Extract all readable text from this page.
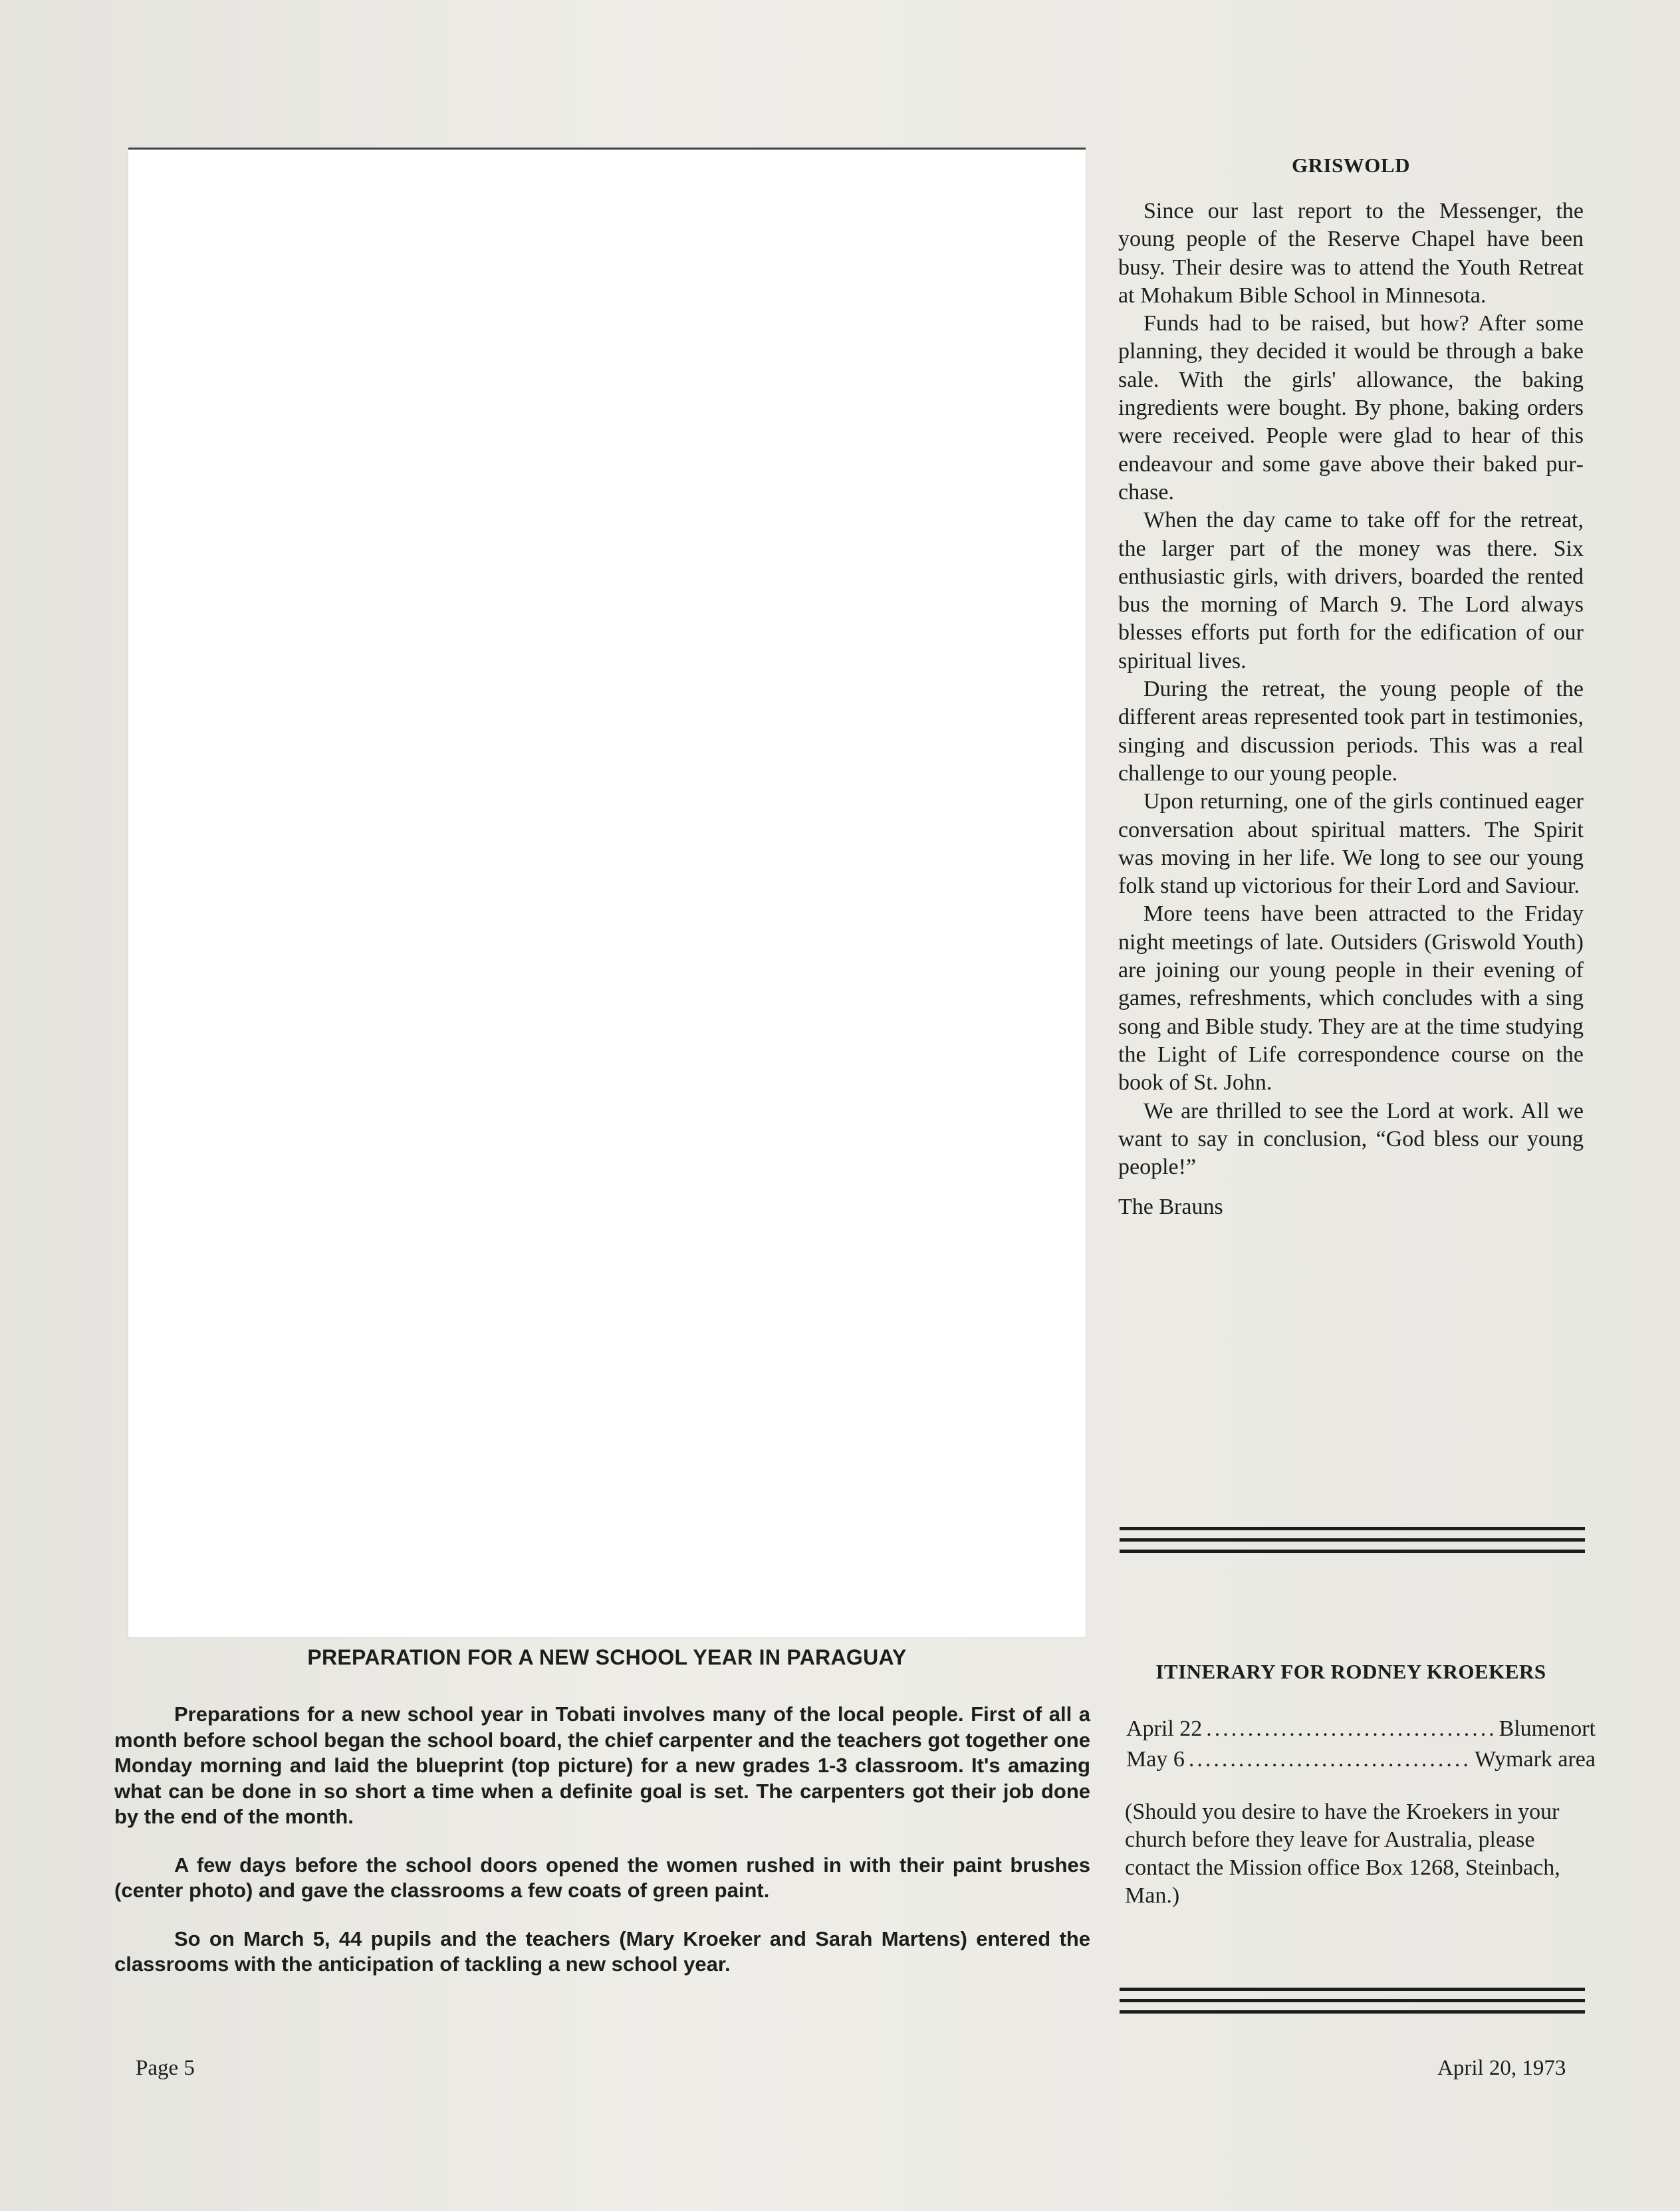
GRISWOLD

Since our last report to the Messenger, the young people of the Reserve Chapel have been busy. Their desire was to attend the Youth Retreat at Mohakum Bible School in Minnesota.

Funds had to be raised, but how? After some planning, they decided it would be through a bake sale. With the girls' allowance, the baking ingredients were bought. By phone, baking orders were received. People were glad to hear of this endeavour and some gave above their baked purchase.

When the day came to take off for the retreat, the larger part of the money was there. Six enthusiastic girls, with drivers, boarded the rented bus the morning of March 9. The Lord always blesses efforts put forth for the edification of our spiritual lives.

During the retreat, the young people of the different areas represented took part in testimonies, singing and discussion periods. This was a real challenge to our young people.

Upon returning, one of the girls continued eager conversation about spiritual matters. The Spirit was moving in her life. We long to see our young folk stand up victorious for their Lord and Saviour.

More teens have been attracted to the Friday night meetings of late. Outsiders (Griswold Youth) are joining our young people in their evening of games, refreshments, which concludes with a sing song and Bible study. They are at the time studying the Light of Life correspondence course on the book of St. John.

We are thrilled to see the Lord at work. All we want to say in conclusion, “God bless our young people!”

The Brauns

ITINERARY FOR RODNEY KROEKERS
April 22 .....	Blumenort
May 6 .....	Wymark area

(Should you desire to have the Kroekers in your church before they leave for Australia, please contact the Mission office Box 1268, Steinbach, Man.)

PREPARATION FOR A NEW SCHOOL YEAR IN PARAGUAY

Preparations for a new school year in Tobati involves many of the local people. First of all a month before school began the school board, the chief carpenter and the teachers got together one Monday morning and laid the blueprint (top picture) for a new grades 1-3 classroom. It's amazing what can be done in so short a time when a definite goal is set. The carpenters got their job done by the end of the month.

A few days before the school doors opened the women rushed in with their paint brushes (center photo) and gave the classrooms a few coats of green paint.

So on March 5, 44 pupils and the teachers (Mary Kroeker and Sarah Martens) entered the classrooms with the anticipation of tackling a new school year.

Page 5	April 20, 1973
